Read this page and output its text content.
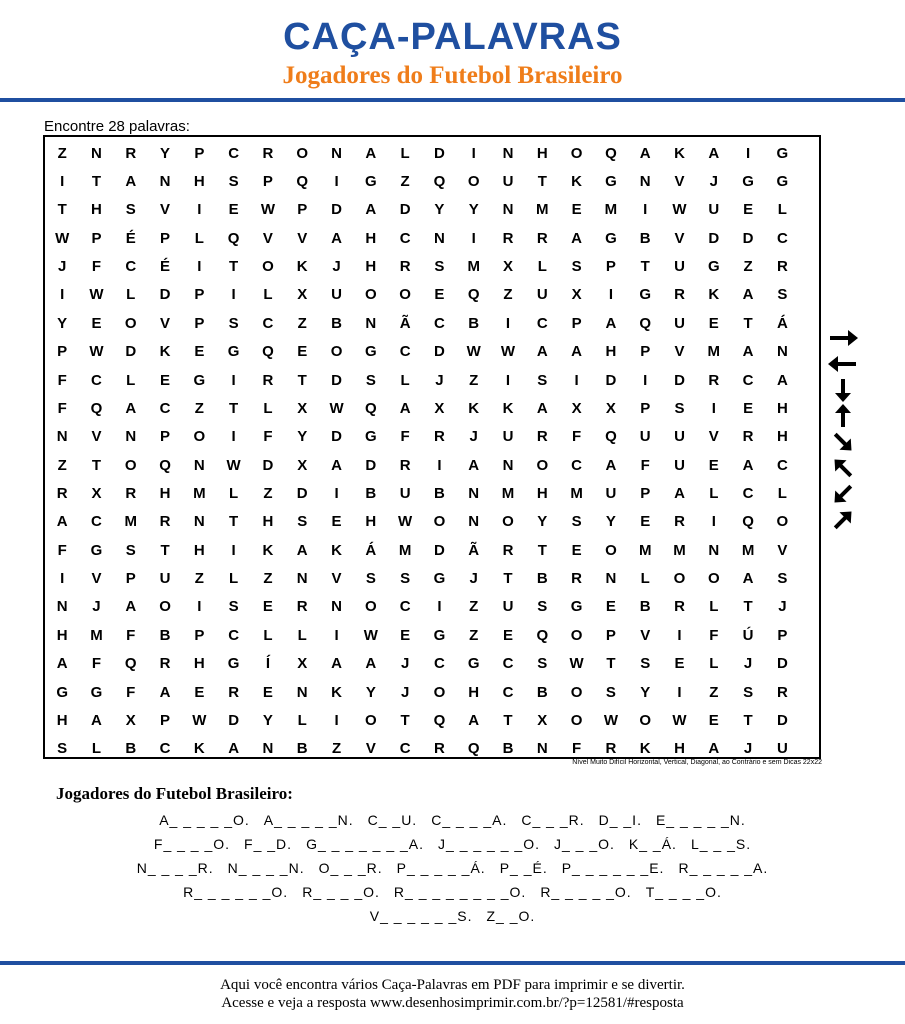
CAÇA-PALAVRAS
Jogadores do Futebol Brasileiro
Encontre 28 palavras:
Z	N	R	Y	P	C	R	O	N	A	L	D	I	N	H	O	Q	A	K	A	I	G
I	T	A	N	H	S	P	Q	I	G	Z	Q	O	U	T	K	G	N	V	J	G	G
T	H	S	V	I	E	W	P	D	A	D	Y	Y	N	M	E	M	I	W	U	E	L
W	P	É	P	L	Q	V	V	A	H	C	N	I	R	R	A	G	B	V	D	D	C
J	F	C	É	I	T	O	K	J	H	R	S	M	X	L	S	P	T	U	G	Z	R
I	W	L	D	P	I	L	X	U	O	O	E	Q	Z	U	X	I	G	R	K	A	S
Y	E	O	V	P	S	C	Z	B	N	Ã	C	B	I	C	P	A	Q	U	E	T	Á
P	W	D	K	E	G	Q	E	O	G	C	D	W	W	A	A	H	P	V	M	A	N
F	C	L	E	G	I	R	T	D	S	L	J	Z	I	S	I	D	I	D	R	C	A
F	Q	A	C	Z	T	L	X	W	Q	A	X	K	K	A	X	X	P	S	I	E	H
N	V	N	P	O	I	F	Y	D	G	F	R	J	U	R	F	Q	U	U	V	R	H
Z	T	O	Q	N	W	D	X	A	D	R	I	A	N	O	C	A	F	U	E	A	C
R	X	R	H	M	L	Z	D	I	B	U	B	N	M	H	M	U	P	A	L	C	L
A	C	M	R	N	T	H	S	E	H	W	O	N	O	Y	S	Y	E	R	I	Q	O
F	G	S	T	H	I	K	A	K	Á	M	D	Ã	R	T	E	O	M	M	N	M	V
I	V	P	U	Z	L	Z	N	V	S	S	G	J	T	B	R	N	L	O	O	A	S
N	J	A	O	I	S	E	R	N	O	C	I	Z	U	S	G	E	B	R	L	T	J
H	M	F	B	P	C	L	L	I	W	E	G	Z	E	Q	O	P	V	I	F	Ú	P
A	F	Q	R	H	G	Í	X	A	A	J	C	G	C	S	W	T	S	E	L	J	D
G	G	F	A	E	R	E	N	K	Y	J	O	H	C	B	O	S	Y	I	Z	S	R
H	A	X	P	W	D	Y	L	I	O	T	Q	A	T	X	O	W	O	W	E	T	D
S	L	B	C	K	A	N	B	Z	V	C	R	Q	B	N	F	R	K	H	A	J	U
Nível Muito Difícil Horizontal, Vertical, Diagonal, ao Contrário e sem Dicas 22x22
Jogadores do Futebol Brasileiro:
A_ _ _ _ _O. A_ _ _ _ _N. C_ _U. C_ _ _ _A. C_ _ _R. D_ _I. E_ _ _ _ _N.
F_ _ _ _O. F_ _D. G_ _ _ _ _ _ _A. J_ _ _ _ _ _O. J_ _ _O. K_ _Á. L_ _ _S.
N_ _ _ _R. N_ _ _ _N. O_ _ _R. P_ _ _ _ _Á. P_ _É. P_ _ _ _ _ _E. R_ _ _ _ _A.
R_ _ _ _ _ _O. R_ _ _ _O. R_ _ _ _ _ _ _ _O. R_ _ _ _ _O. T_ _ _ _O.
V_ _ _ _ _ _S. Z_ _O.
Aqui você encontra vários Caça-Palavras em PDF para imprimir e se divertir.
Acesse e veja a resposta www.desenhosimprimir.com.br/?p=12581/#resposta
